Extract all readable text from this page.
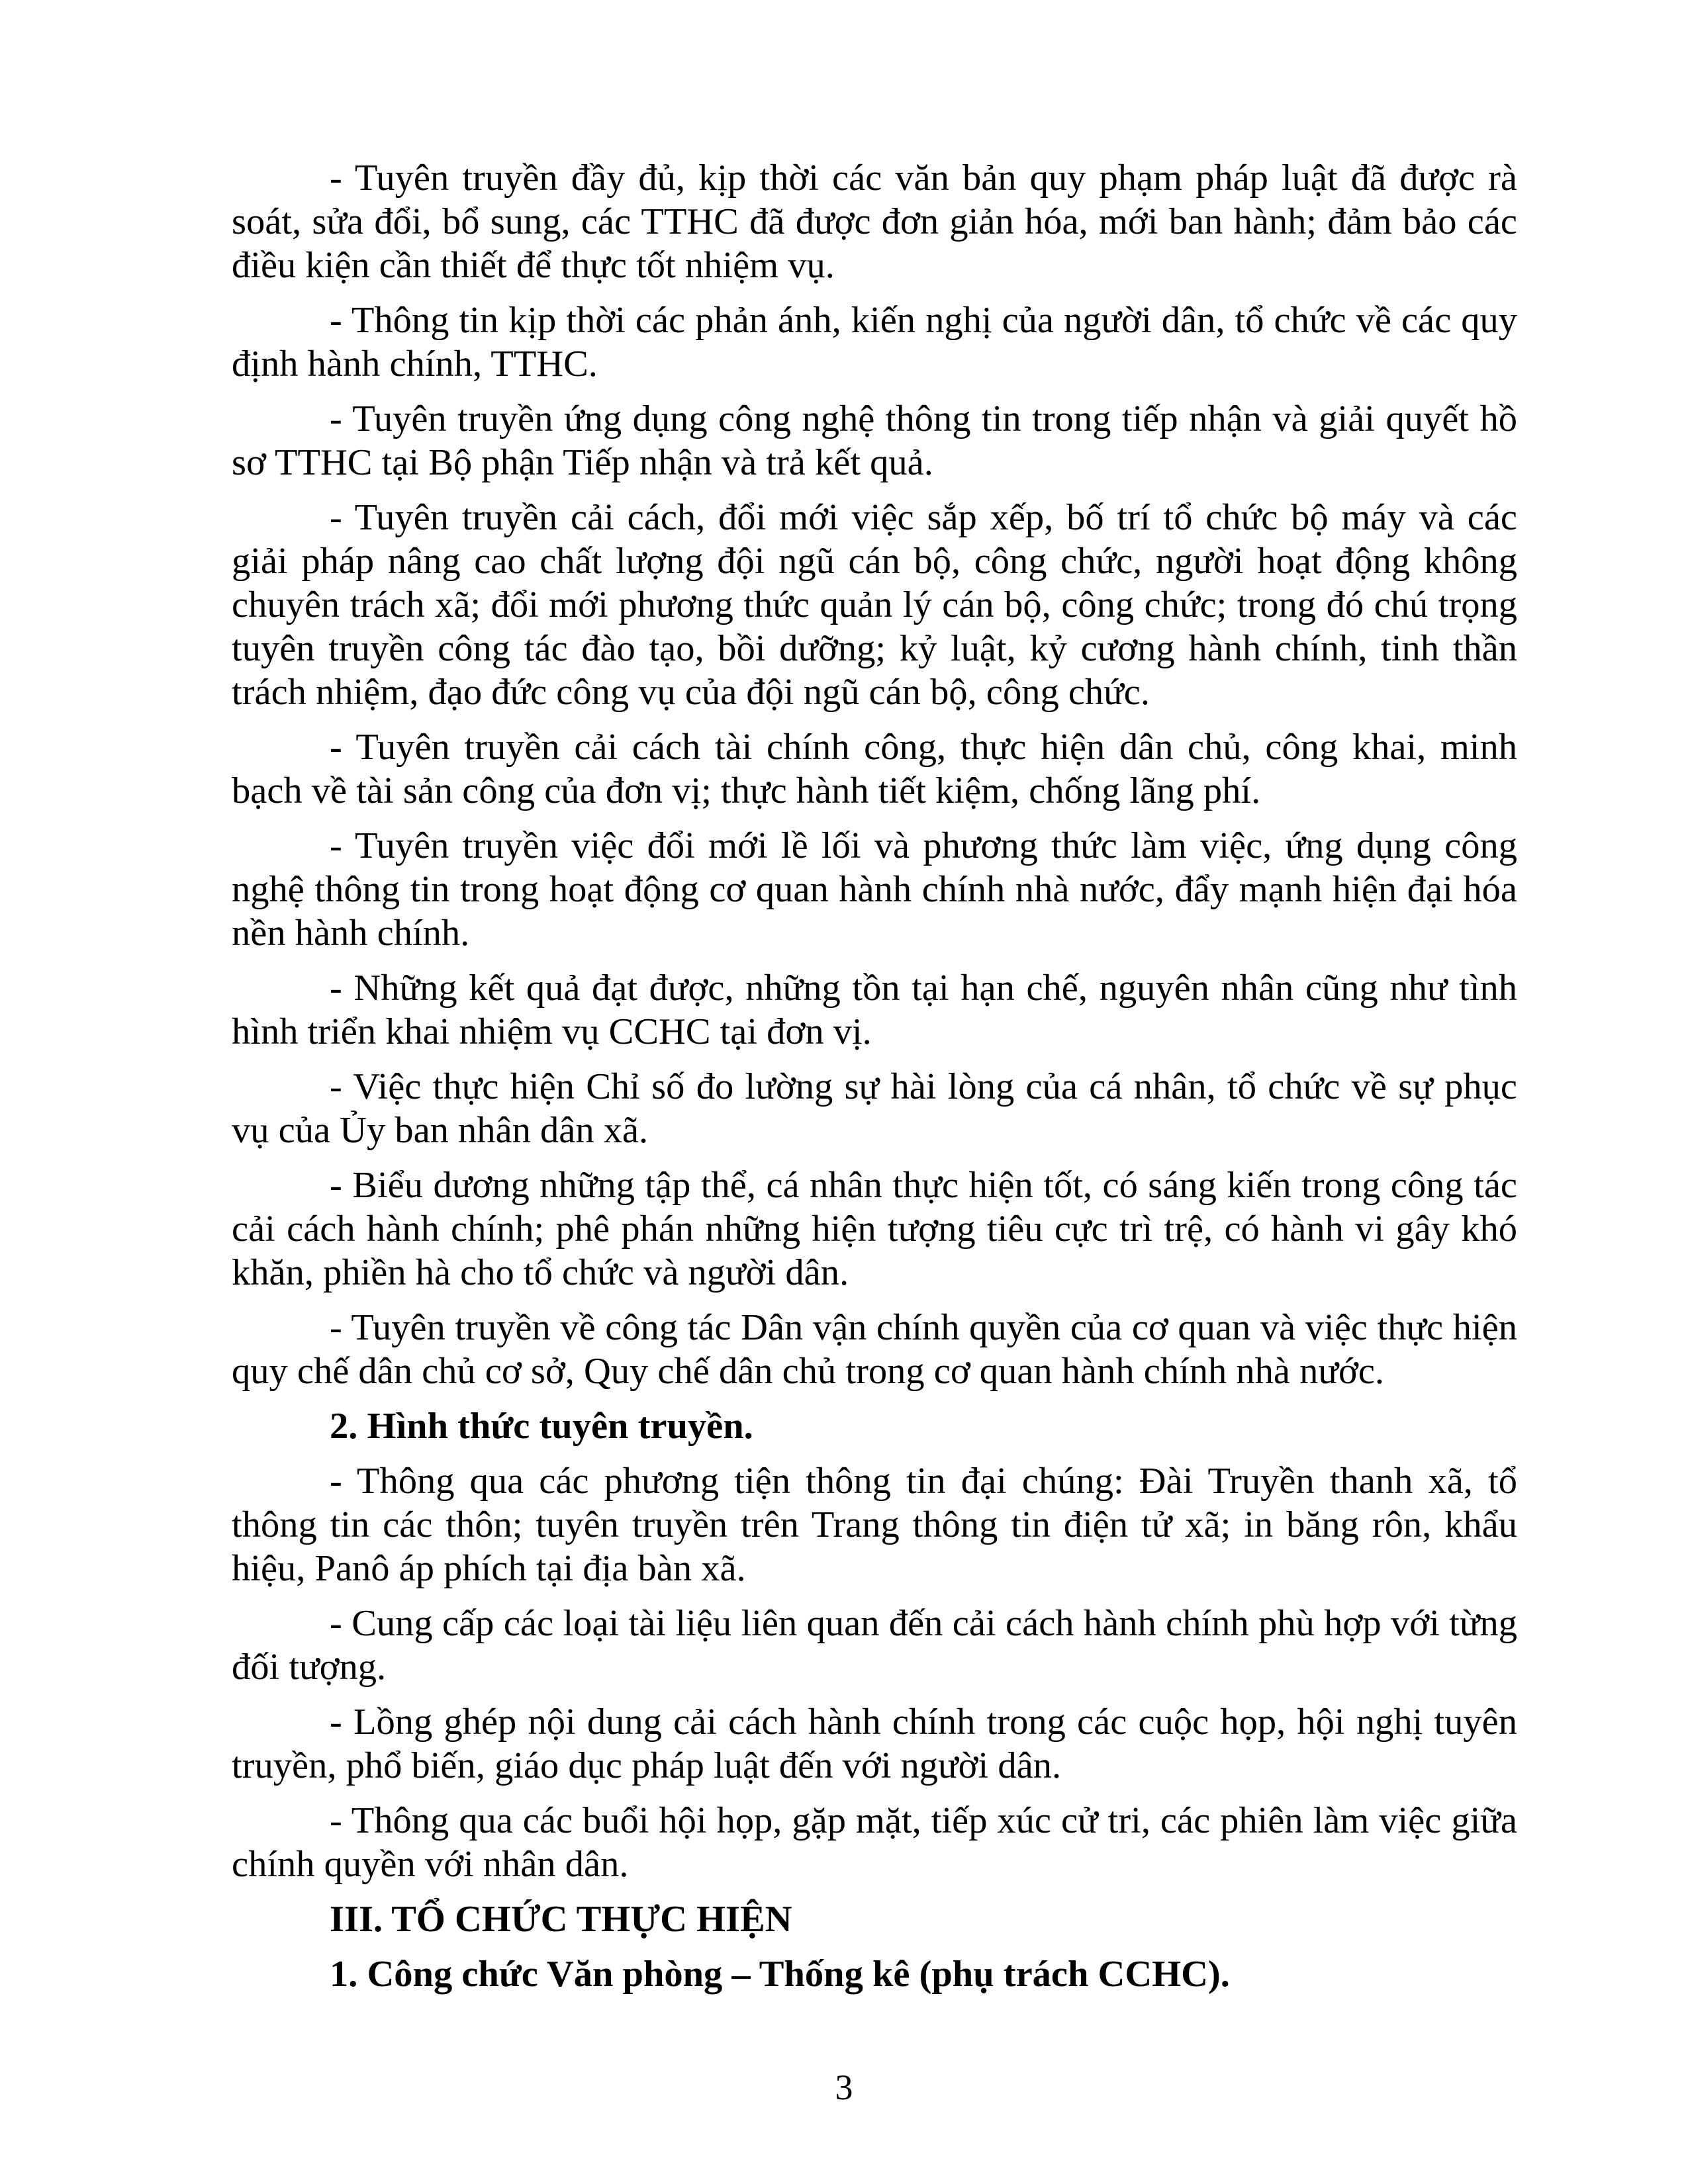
- Tuyên truyền đầy đủ, kịp thời các văn bản quy phạm pháp luật đã được rà soát, sửa đổi, bổ sung, các TTHC đã được đơn giản hóa, mới ban hành; đảm bảo các điều kiện cần thiết để thực tốt nhiệm vụ.

- Thông tin kịp thời các phản ánh, kiến nghị của người dân, tổ chức về các quy định hành chính, TTHC.

- Tuyên truyền ứng dụng công nghệ thông tin trong tiếp nhận và giải quyết hồ sơ TTHC tại Bộ phận Tiếp nhận và trả kết quả.

- Tuyên truyền cải cách, đổi mới việc sắp xếp, bố trí tổ chức bộ máy và các giải pháp nâng cao chất lượng đội ngũ cán bộ, công chức, người hoạt động không chuyên trách xã; đổi mới phương thức quản lý cán bộ, công chức; trong đó chú trọng tuyên truyền công tác đào tạo, bồi dưỡng; kỷ luật, kỷ cương hành chính, tinh thần trách nhiệm, đạo đức công vụ của đội ngũ cán bộ, công chức.

- Tuyên truyền cải cách tài chính công, thực hiện dân chủ, công khai, minh bạch về tài sản công của đơn vị; thực hành tiết kiệm, chống lãng phí.

- Tuyên truyền việc đổi mới lề lối và phương thức làm việc, ứng dụng công nghệ thông tin trong hoạt động cơ quan hành chính nhà nước, đẩy mạnh hiện đại hóa nền hành chính.

- Những kết quả đạt được, những tồn tại hạn chế, nguyên nhân cũng như tình hình triển khai nhiệm vụ CCHC tại đơn vị.

- Việc thực hiện Chỉ số đo lường sự hài lòng của cá nhân, tổ chức về sự phục vụ của Ủy ban nhân dân xã.

- Biểu dương những tập thể, cá nhân thực hiện tốt, có sáng kiến trong công tác cải cách hành chính; phê phán những hiện tượng tiêu cực trì trệ, có hành vi gây khó khăn, phiền hà cho tổ chức và người dân.

- Tuyên truyền về công tác Dân vận chính quyền của cơ quan và việc thực hiện quy chế dân chủ cơ sở, Quy chế dân chủ trong cơ quan hành chính nhà nước.

2. Hình thức tuyên truyền.

- Thông qua các phương tiện thông tin đại chúng: Đài Truyền thanh xã, tổ thông tin các thôn; tuyên truyền trên Trang thông tin điện tử xã; in băng rôn, khẩu hiệu, Panô áp phích tại địa bàn xã.

- Cung cấp các loại tài liệu liên quan đến cải cách hành chính phù hợp với từng đối tượng.

- Lồng ghép nội dung cải cách hành chính trong các cuộc họp, hội nghị tuyên truyền, phổ biến, giáo dục pháp luật đến với người dân.

- Thông qua các buổi hội họp, gặp mặt, tiếp xúc cử tri, các phiên làm việc giữa chính quyền với nhân dân.

III. TỔ CHỨC THỰC HIỆN

1. Công chức Văn phòng – Thống kê (phụ trách CCHC).

3
